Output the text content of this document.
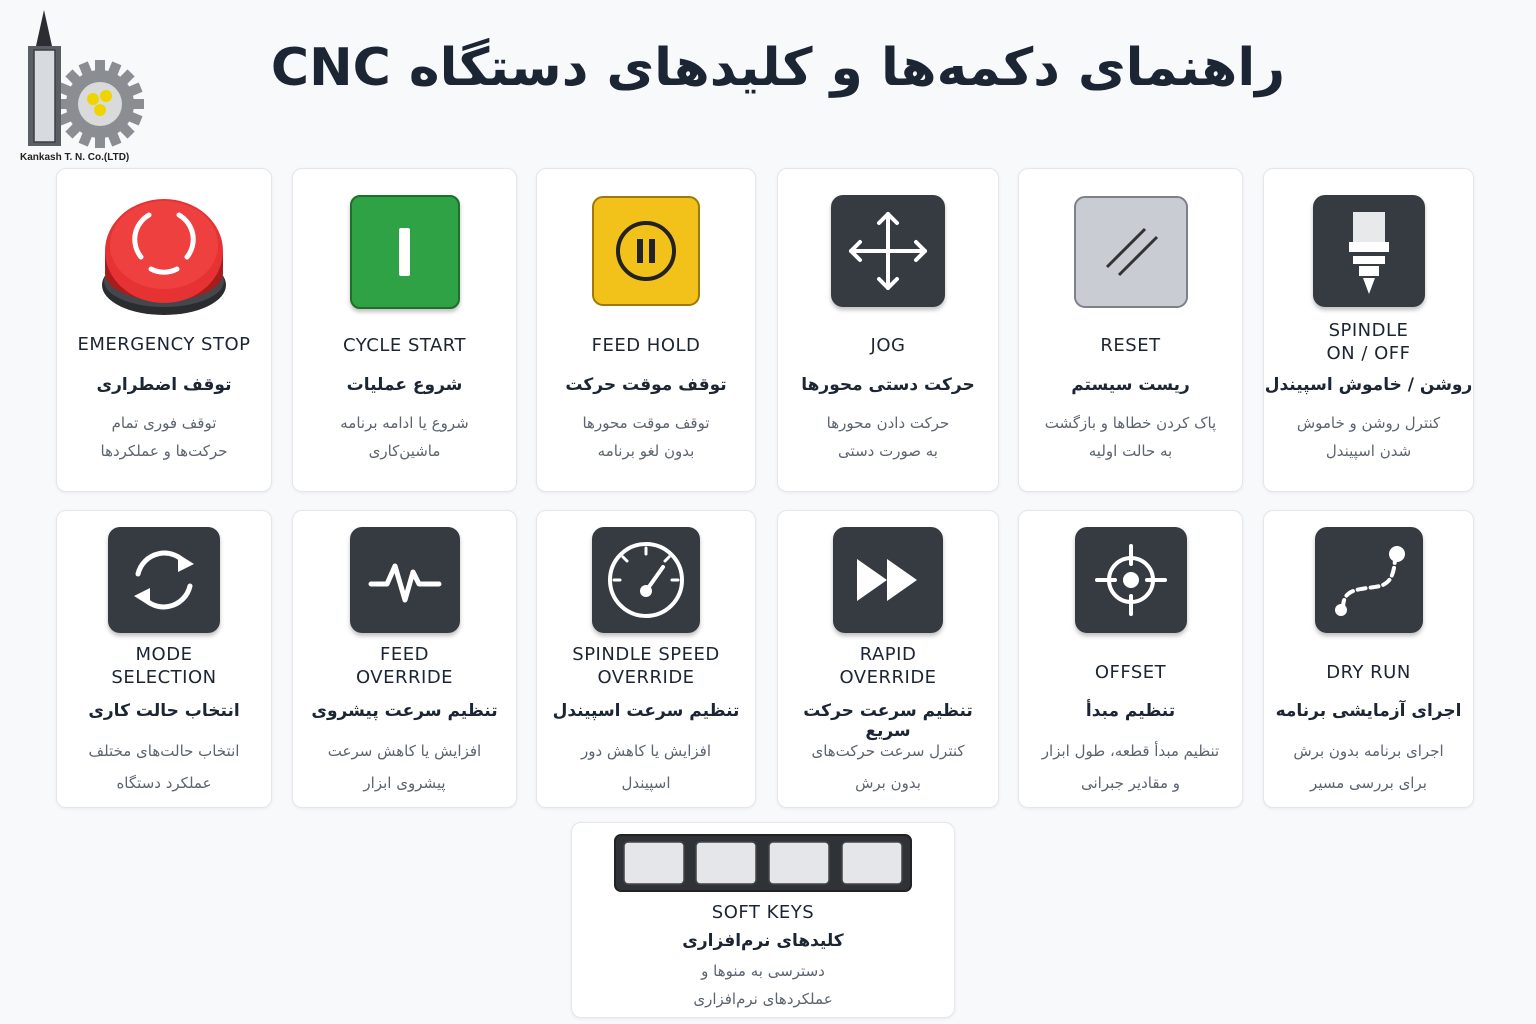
Kankash T. N. Co.(LTD)
راهنمای دکمه‌ها و کلیدهای دستگاه CNC
EMERGENCY STOP
توقف اضطراری
توقف فوری تمام
حرکت‌ها و عملکردها
CYCLE START
شروع عملیات
شروع یا ادامه برنامه
ماشین‌کاری
FEED HOLD
توقف موقت حرکت
توقف موقت محورها
بدون لغو برنامه
JOG
حرکت دستی محورها
حرکت دادن محورها
به صورت دستی
RESET
ریست سیستم
پاک کردن خطاها و بازگشت
به حالت اولیه
SPINDLE
ON / OFF
روشن / خاموش اسپیندل
کنترل روشن و خاموش
شدن اسپیندل
MODE
SELECTION
انتخاب حالت کاری
انتخاب حالت‌های مختلف
عملکرد دستگاه
FEED
OVERRIDE
تنظیم سرعت پیشروی
افزایش یا کاهش سرعت
پیشروی ابزار
SPINDLE SPEED
OVERRIDE
تنظیم سرعت اسپیندل
افزایش یا کاهش دور
اسپیندل
RAPID
OVERRIDE
تنظیم سرعت حرکت سریع
کنترل سرعت حرکت‌های
بدون برش
OFFSET
تنظیم مبدأ
تنظیم مبدأ قطعه، طول ابزار
و مقادیر جبرانی
DRY RUN
اجرای آزمایشی برنامه
اجرای برنامه بدون برش
برای بررسی مسیر
SOFT KEYS
کلیدهای نرم‌افزاری
دسترسی به منوها و
عملکردهای نرم‌افزاری
